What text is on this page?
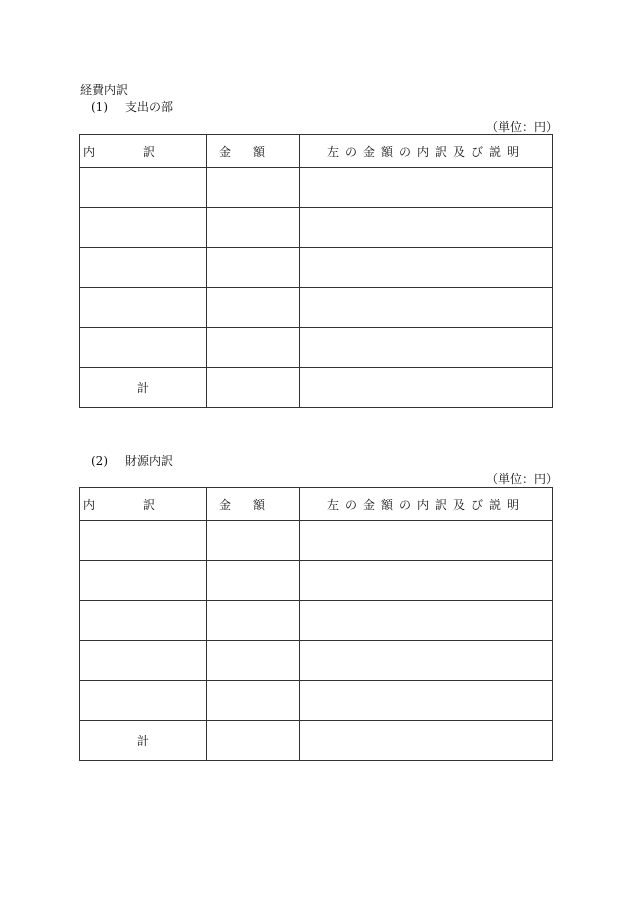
経費内訳
(1) 支出の部
（単位：円）
内訳	金額	左の金額の内訳及び説明

計		
(2) 財源内訳
（単位：円）
内訳	金額	左の金額の内訳及び説明

計		
